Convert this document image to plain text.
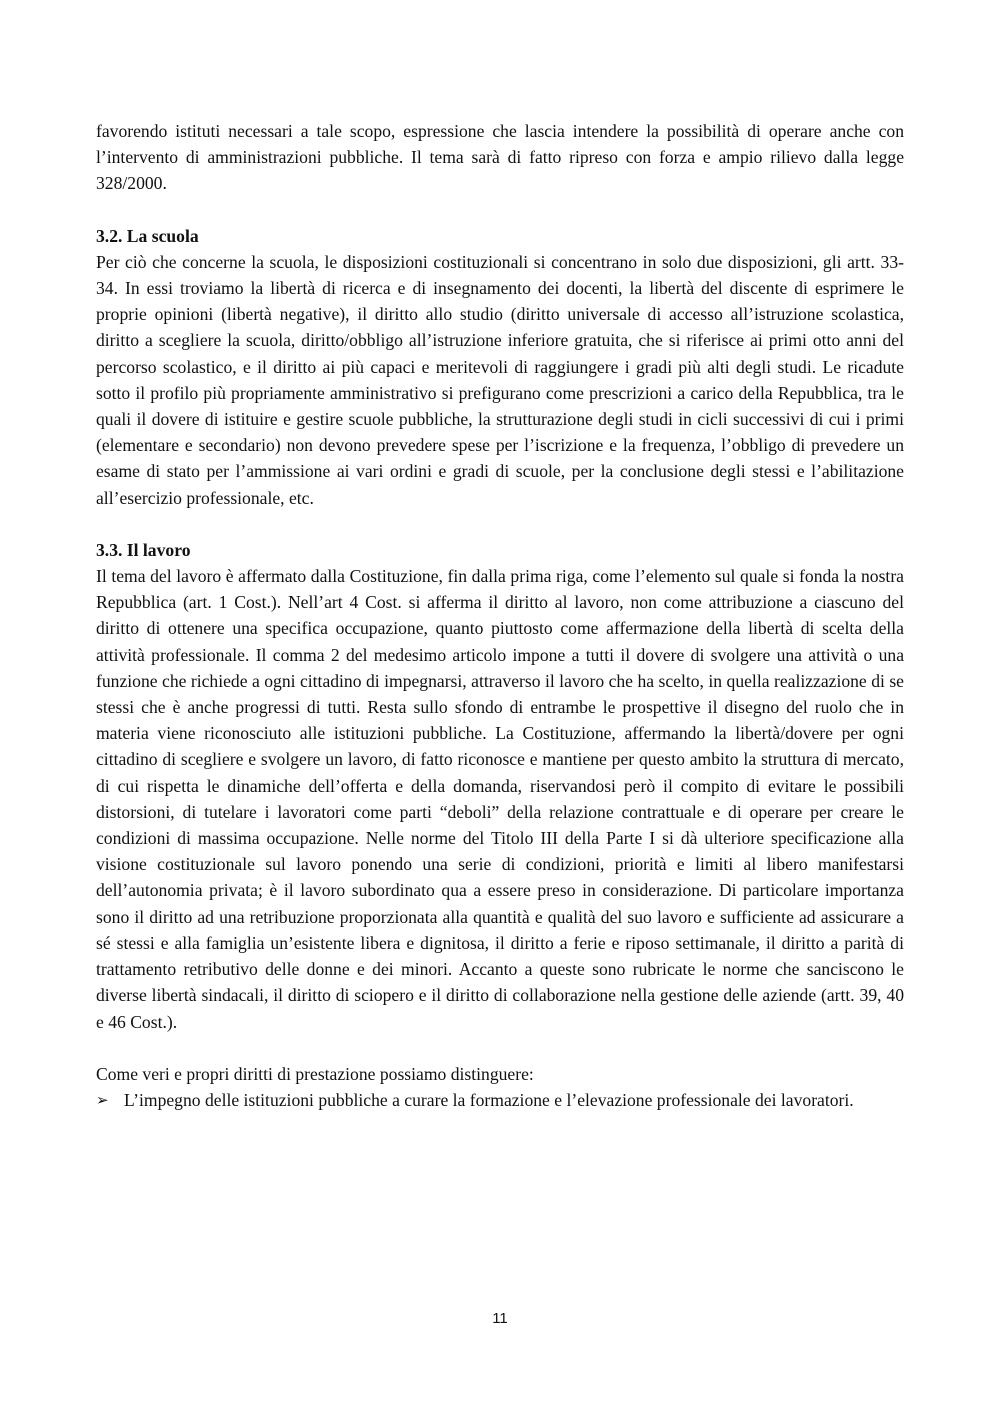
favorendo istituti necessari a tale scopo, espressione che lascia intendere la possibilità di operare anche con l’intervento di amministrazioni pubbliche. Il tema sarà di fatto ripreso con forza e ampio rilievo dalla legge 328/2000.

3.2. La scuola

Per ciò che concerne la scuola, le disposizioni costituzionali si concentrano in solo due disposizioni, gli artt. 33-34. In essi troviamo la libertà di ricerca e di insegnamento dei docenti, la libertà del discente di esprimere le proprie opinioni (libertà negative), il diritto allo studio (diritto universale di accesso all’istruzione scolastica, diritto a scegliere la scuola, diritto/obbligo all’istruzione inferiore gratuita, che si riferisce ai primi otto anni del percorso scolastico, e il diritto ai più capaci e meritevoli di raggiungere i gradi più alti degli studi. Le ricadute sotto il profilo più propriamente amministrativo si prefigurano come prescrizioni a carico della Repubblica, tra le quali il dovere di istituire e gestire scuole pubbliche, la strutturazione degli studi in cicli successivi di cui i primi (elementare e secondario) non devono prevedere spese per l’iscrizione e la frequenza, l’obbligo di prevedere un esame di stato per l’ammissione ai vari ordini e gradi di scuole, per la conclusione degli stessi e l’abilitazione all’esercizio professionale, etc.

3.3. Il lavoro

Il tema del lavoro è affermato dalla Costituzione, fin dalla prima riga, come l’elemento sul quale si fonda la nostra Repubblica (art. 1 Cost.). Nell’art 4 Cost. si afferma il diritto al lavoro, non come attribuzione a ciascuno del diritto di ottenere una specifica occupazione, quanto piuttosto come affermazione della libertà di scelta della attività professionale. Il comma 2 del medesimo articolo impone a tutti il dovere di svolgere una attività o una funzione che richiede a ogni cittadino di impegnarsi, attraverso il lavoro che ha scelto, in quella realizzazione di se stessi che è anche progressi di tutti. Resta sullo sfondo di entrambe le prospettive il disegno del ruolo che in materia viene riconosciuto alle istituzioni pubbliche. La Costituzione, affermando la libertà/dovere per ogni cittadino di scegliere e svolgere un lavoro, di fatto riconosce e mantiene per questo ambito la struttura di mercato, di cui rispetta le dinamiche dell’offerta e della domanda, riservandosi però il compito di evitare le possibili distorsioni, di tutelare i lavoratori come parti “deboli” della relazione contrattuale e di operare per creare le condizioni di massima occupazione. Nelle norme del Titolo III della Parte I si dà ulteriore specificazione alla visione costituzionale sul lavoro ponendo una serie di condizioni, priorità e limiti al libero manifestarsi dell’autonomia privata; è il lavoro subordinato qua a essere preso in considerazione. Di particolare importanza sono il diritto ad una retribuzione proporzionata alla quantità e qualità del suo lavoro e sufficiente ad assicurare a sé stessi e alla famiglia un’esistente libera e dignitosa, il diritto a ferie e riposo settimanale, il diritto a parità di trattamento retributivo delle donne e dei minori. Accanto a queste sono rubricate le norme che sanciscono le diverse libertà sindacali, il diritto di sciopero e il diritto di collaborazione nella gestione delle aziende (artt. 39, 40 e 46 Cost.).

Come veri e propri diritti di prestazione possiamo distinguere:

➢ L’impegno delle istituzioni pubbliche a curare la formazione e l’elevazione professionale dei lavoratori.
11
